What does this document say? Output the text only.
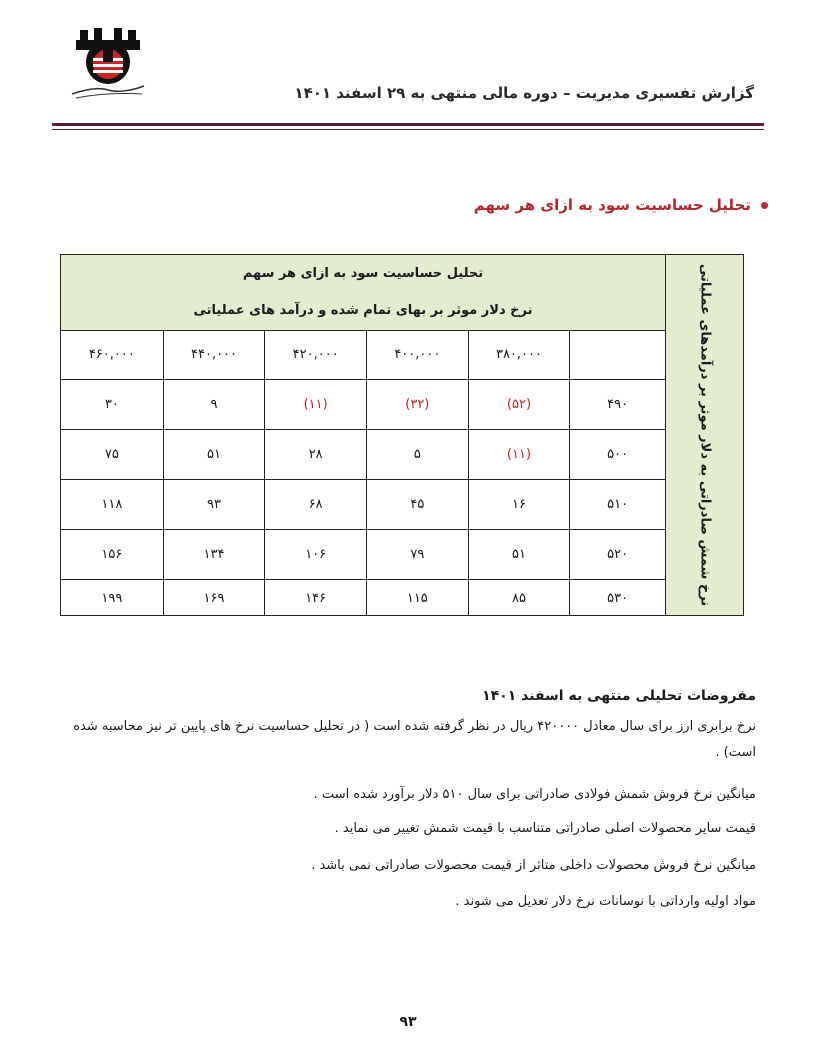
گزارش تفسیری مدیریت – دوره مالی منتهی به ۲۹ اسفند ۱۴۰۱
تحلیل حساسیت سود به ازای هر سهم
نرخ شمش صادراتی به دلار موثر بر درآمدهای عملیاتی
تحلیل حساسیت سود به ازای هر سهم
نرخ دلار موثر بر بهای تمام شده و درآمد های عملیاتی
۳۸۰,۰۰۰
۴۰۰,۰۰۰
۴۲۰,۰۰۰
۴۴۰,۰۰۰
۴۶۰,۰۰۰
۴۹۰
(۵۲)
(۳۲)
(۱۱)
۹
۳۰
۵۰۰
(۱۱)
۵
۲۸
۵۱
۷۵
۵۱۰
۱۶
۴۵
۶۸
۹۳
۱۱۸
۵۲۰
۵۱
۷۹
۱۰۶
۱۳۴
۱۵۶
۵۳۰
۸۵
۱۱۵
۱۴۶
۱۶۹
۱۹۹
مفروضات تحلیلی منتهی به اسفند ۱۴۰۱
نرخ برابری ارز برای سال معادل ۴۲۰۰۰۰ ریال در نظر گرفته شده است ( در تحلیل حساسیت نرخ های پایین تر نیز محاسبه شده است) .
میانگین نرخ فروش شمش فولادی صادراتی برای سال ۵۱۰ دلار برآورد شده است .
قیمت سایر محصولات اصلی صادراتی متناسب با قیمت شمش تغییر می نماید .
میانگین نرخ فروش محصولات داخلی متاثر از قیمت محصولات صادراتی نمی باشد .
مواد اولیه وارداتی با نوسانات نرخ دلار تعدیل می شوند .
۹۳
